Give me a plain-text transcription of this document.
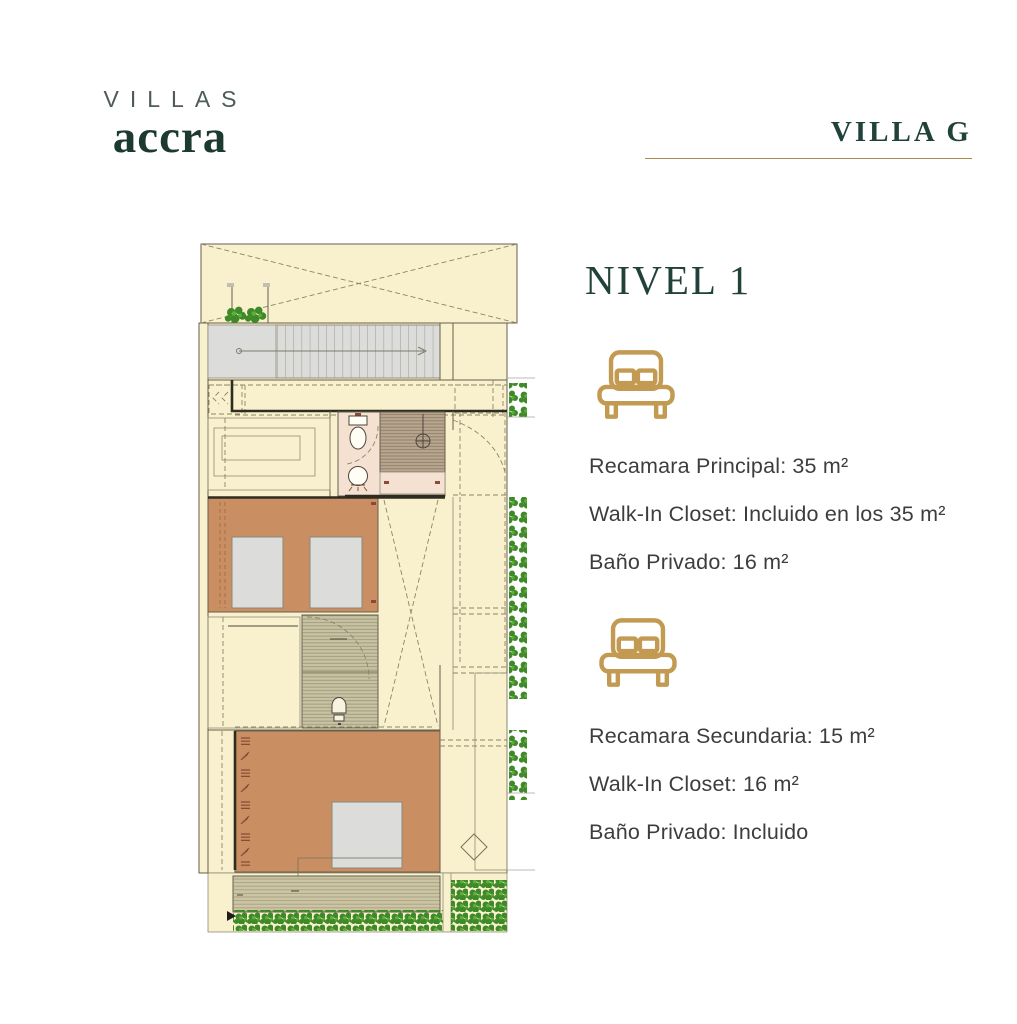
VILLAS
accra	VILLA G
NIVEL 1
Recamara Principal: 35 m²
Walk-In Closet: Incluido en los 35 m²
Baño Privado: 16 m²
Recamara Secundaria: 15 m²
Walk-In Closet: 16 m²
Baño Privado: Incluido
